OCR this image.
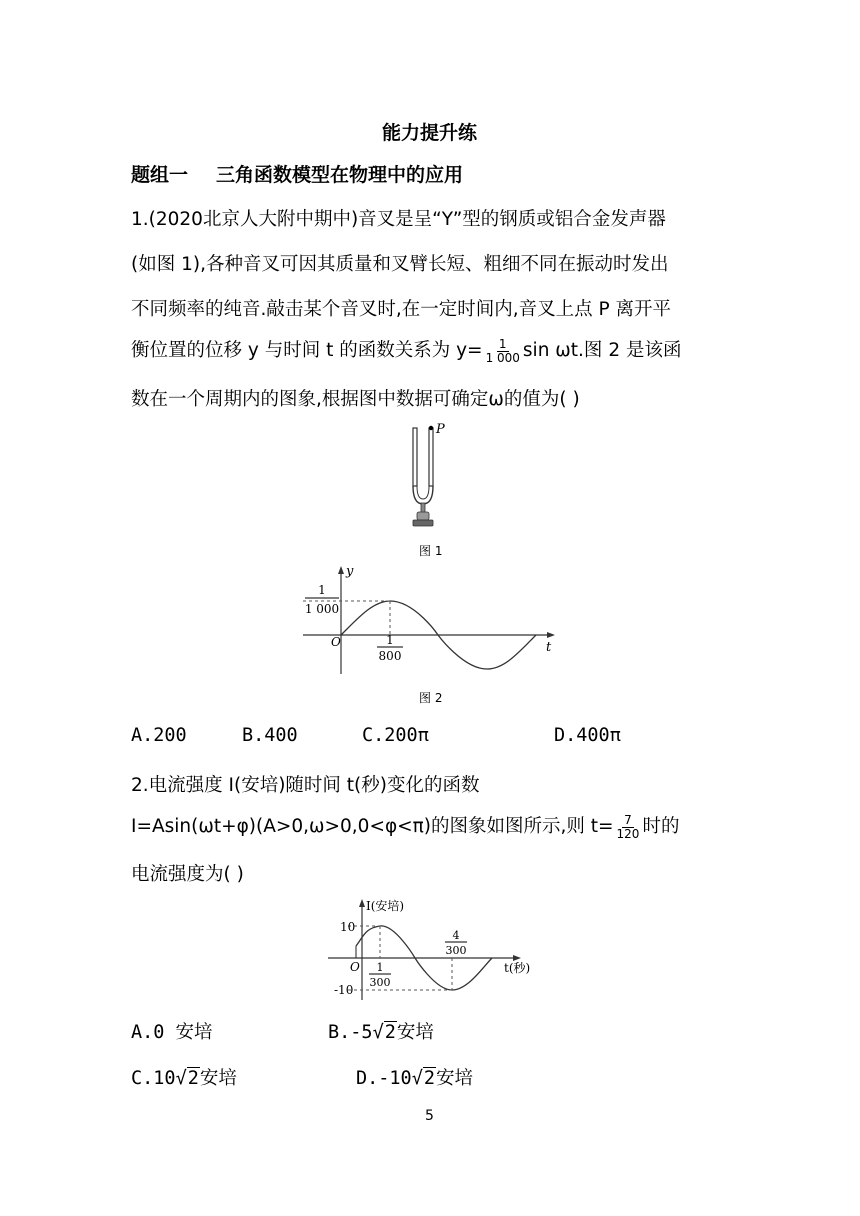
能力提升练
题组一 三角函数模型在物理中的应用
1.(2020北京人大附中期中)音叉是呈“Y”型的钢质或铝合金发声器
(如图 1),各种音叉可因其质量和叉臂长短、粗细不同在振动时发出
不同频率的纯音.敲击某个音叉时,在一定时间内,音叉上点 P 离开平
衡位置的位移 y 与时间 t 的函数关系为 $y= \frac{1}{1 000}$ sin ωt.图 2 是该函
数在一个周期内的图象,根据图中数据可确定ω的值为( )
P
图 1
y
t
O
1
1 000
1
800
图 2
A.200	B.400	C.200π	D.400π
2.电流强度 I(安培)随时间 t(秒)变化的函数
I=Asin(ωt+φ)(A>0,ω>0,0<φ<π)的图象如图所示,则 $t= \frac{7}{120}$ 时的
电流强度为( )
I(安培)
t(秒)
O
10
-10
1
300
4
300
A.0 安培	B.-5√2安培
C.10√2安培	D.-10√2安培
5
